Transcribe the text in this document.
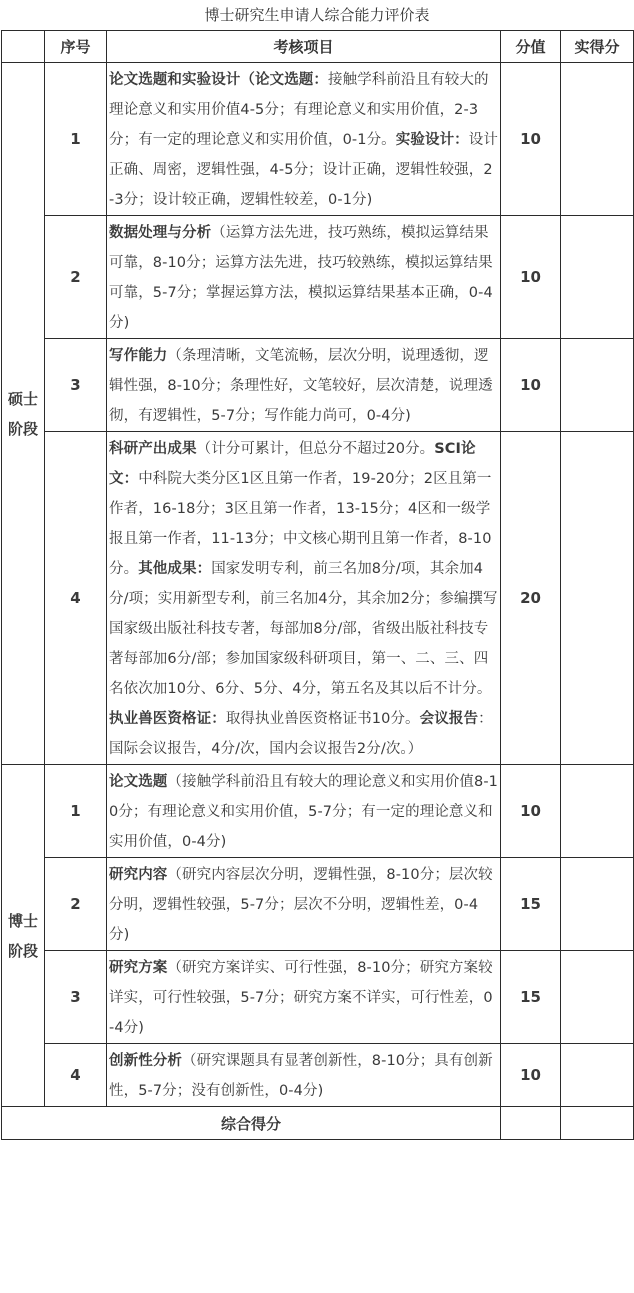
博士研究生申请人综合能力评价表
	序号	考核项目	分值	实得分

硕士
阶段	1	论文选题和实验设计（论文选题：接触学科前沿且有较大的理论意义和实用价值4-5分；有理论意义和实用价值，2-3分；有一定的理论意义和实用价值，0-1分。实验设计：设计正确、周密，逻辑性强，4-5分；设计正确，逻辑性较强，2-3分；设计较正确，逻辑性较差，0-1分)	10	
	2	数据处理与分析（运算方法先进，技巧熟练，模拟运算结果可靠，8-10分；运算方法先进，技巧较熟练，模拟运算结果可靠，5-7分；掌握运算方法，模拟运算结果基本正确，0-4分)	10	
	3	写作能力（条理清晰，文笔流畅，层次分明，说理透彻，逻辑性强，8-10分；条理性好，文笔较好，层次清楚，说理透彻，有逻辑性，5-7分；写作能力尚可，0-4分)	10	
	4	科研产出成果（计分可累计，但总分不超过20分。SCI论文：中科院大类分区1区且第一作者，19-20分；2区且第一作者，16-18分；3区且第一作者，13-15分；4区和一级学报且第一作者，11-13分；中文核心期刊且第一作者，8-10分。其他成果：国家发明专利，前三名加8分/项，其余加4分/项；实用新型专利，前三名加4分，其余加2分；参编撰写国家级出版社科技专著，每部加8分/部，省级出版社科技专著每部加6分/部；参加国家级科研项目，第一、二、三、四名依次加10分、6分、5分、4分，第五名及其以后不计分。执业兽医资格证：取得执业兽医资格证书10分。会议报告：国际会议报告，4分/次，国内会议报告2分/次。）	20	

博士
阶段	1	论文选题（接触学科前沿且有较大的理论意义和实用价值8-10分；有理论意义和实用价值，5-7分；有一定的理论意义和实用价值，0-4分)	10	
	2	研究内容（研究内容层次分明，逻辑性强，8-10分；层次较分明，逻辑性较强，5-7分；层次不分明，逻辑性差，0-4分)	15	
	3	研究方案（研究方案详实、可行性强，8-10分；研究方案较详实，可行性较强，5-7分；研究方案不详实，可行性差，0-4分)	15	
	4	创新性分析（研究课题具有显著创新性，8-10分；具有创新性，5-7分；没有创新性，0-4分)	10	
综合得分				
